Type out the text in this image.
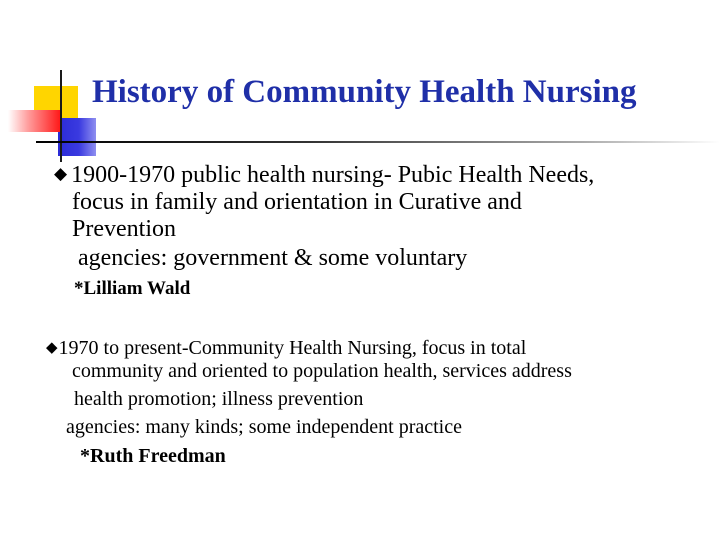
History of Community Health Nursing
◆ 1900-1970 public health nursing- Pubic Health Needs,
focus in family and orientation in Curative and
Prevention
agencies: government & some voluntary
*Lilliam Wald
◆1970 to present-Community Health Nursing, focus in total
community and oriented to population health, services address
health promotion; illness prevention
agencies: many kinds; some independent practice
*Ruth Freedman
